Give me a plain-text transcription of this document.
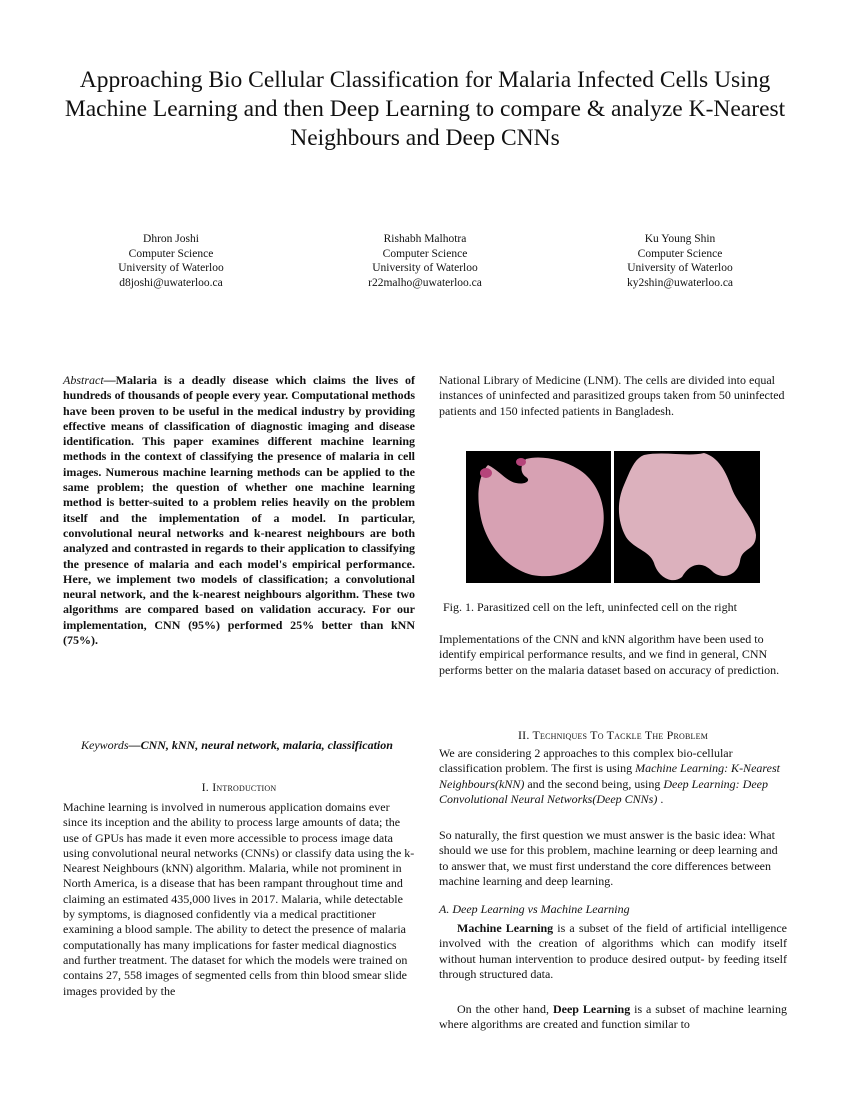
Approaching Bio Cellular Classification for Malaria Infected Cells Using Machine Learning and then Deep Learning to compare & analyze K-Nearest Neighbours and Deep CNNs
Dhron Joshi
Computer Science
University of Waterloo
d8joshi@uwaterloo.ca
Rishabh Malhotra
Computer Science
University of Waterloo
r22malho@uwaterloo.ca
Ku Young Shin
Computer Science
University of Waterloo
ky2shin@uwaterloo.ca
Abstract—Malaria is a deadly disease which claims the lives of hundreds of thousands of people every year. Computational methods have been proven to be useful in the medical industry by providing effective means of classification of diagnostic imaging and disease identification. This paper examines different machine learning methods in the context of classifying the presence of malaria in cell images. Numerous machine learning methods can be applied to the same problem; the question of whether one machine learning method is better-suited to a problem relies heavily on the problem itself and the implementation of a model. In particular, convolutional neural networks and k-nearest neighbours are both analyzed and contrasted in regards to their application to classifying the presence of malaria and each model's empirical performance. Here, we implement two models of classification; a convolutional neural network, and the k-nearest neighbours algorithm. These two algorithms are compared based on validation accuracy. For our implementation, CNN (95%) performed 25% better than kNN (75%).
Keywords—CNN, kNN, neural network, malaria, classification
I. Introduction
Machine learning is involved in numerous application domains ever since its inception and the ability to process large amounts of data; the use of GPUs has made it even more accessible to process image data using convolutional neural networks (CNNs) or classify data using the k-Nearest Neighbours (kNN) algorithm. Malaria, while not prominent in North America, is a disease that has been rampant throughout time and claiming an estimated 435,000 lives in 2017. Malaria, while detectable by symptoms, is diagnosed confidently via a medical practitioner examining a blood sample. The ability to detect the presence of malaria computationally has many implications for faster medical diagnostics and further treatment. The dataset for which the models were trained on contains 27, 558 images of segmented cells from thin blood smear slide images provided by the
National Library of Medicine (LNM). The cells are divided into equal instances of uninfected and parasitized groups taken from 50 uninfected patients and 150 infected patients in Bangladesh.
Fig. 1. Parasitized cell on the left, uninfected cell on the right
Implementations of the CNN and kNN algorithm have been used to identify empirical performance results, and we find in general, CNN performs better on the malaria dataset based on accuracy of prediction.
II. Techniques To Tackle The Problem
We are considering 2 approaches to this complex bio-cellular classification problem. The first is using Machine Learning: K-Nearest Neighbours(kNN) and the second being, using Deep Learning: Deep Convolutional Neural Networks(Deep CNNs) .
So naturally, the first question we must answer is the basic idea: What should we use for this problem, machine learning or deep learning and to answer that, we must first understand the core differences between machine learning and deep learning.
A. Deep Learning vs Machine Learning
Machine Learning is a subset of the field of artificial intelligence involved with the creation of algorithms which can modify itself without human intervention to produce desired output- by feeding itself through structured data.
On the other hand, Deep Learning is a subset of machine learning where algorithms are created and function similar to
